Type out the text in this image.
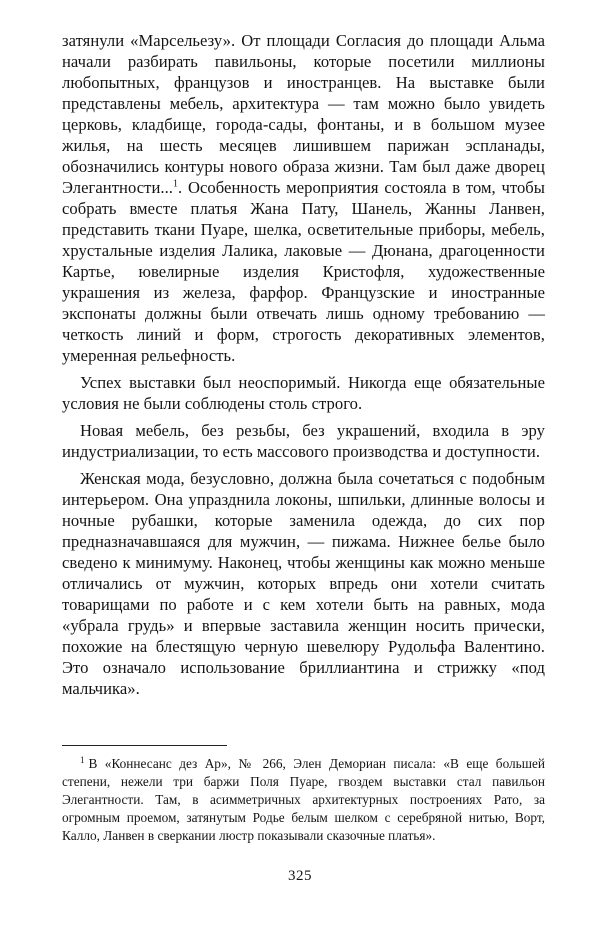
затянули «Марсельезу». От площади Согласия до площади Альма начали разбирать павильоны, которые посетили миллионы любопытных, французов и иностранцев. На выставке были представлены мебель, архитектура — там можно было увидеть церковь, кладбище, города-сады, фонтаны, и в большом музее жилья, на шесть месяцев лишившем парижан эспланады, обозначились контуры нового образа жизни. Там был даже дворец Элегантности...$^1$. Особенность мероприятия состояла в том, чтобы собрать вместе платья Жана Пату, Шанель, Жанны Ланвен, представить ткани Пуаре, шелка, осветительные приборы, мебель, хрустальные изделия Лалика, лаковые — Дюнана, драгоценности Картье, ювелирные изделия Кристофля, художественные украшения из железа, фарфор. Французские и иностранные экспонаты должны были отвечать лишь одному требованию — четкость линий и форм, строгость декоративных элементов, умеренная рельефность.

Успех выставки был неоспоримый. Никогда еще обязательные условия не были соблюдены столь строго.

Новая мебель, без резьбы, без украшений, входила в эру индустриализации, то есть массового производства и доступности.

Женская мода, безусловно, должна была сочетаться с подобным интерьером. Она упразднила локоны, шпильки, длинные волосы и ночные рубашки, которые заменила одежда, до сих пор предназначавшаяся для мужчин, — пижама. Нижнее белье было сведено к минимуму. Наконец, чтобы женщины как можно меньше отличались от мужчин, которых впредь они хотели считать товарищами по работе и с кем хотели быть на равных, мода «убрала грудь» и впервые заставила женщин носить прически, похожие на блестящую черную шевелюру Рудольфа Валентино. Это означало использование бриллиантина и стрижку «под мальчика».

$^1$ В «Коннесанс дез Ар», № 266, Элен Демориан писала: «В еще большей степени, нежели три баржи Поля Пуаре, гвоздем выставки стал павильон Элегантности. Там, в асимметричных архитектурных построениях Рато, за огромным проемом, затянутым Родье белым шелком с серебряной нитью, Ворт, Калло, Ланвен в сверкании люстр показывали сказочные платья».

325
